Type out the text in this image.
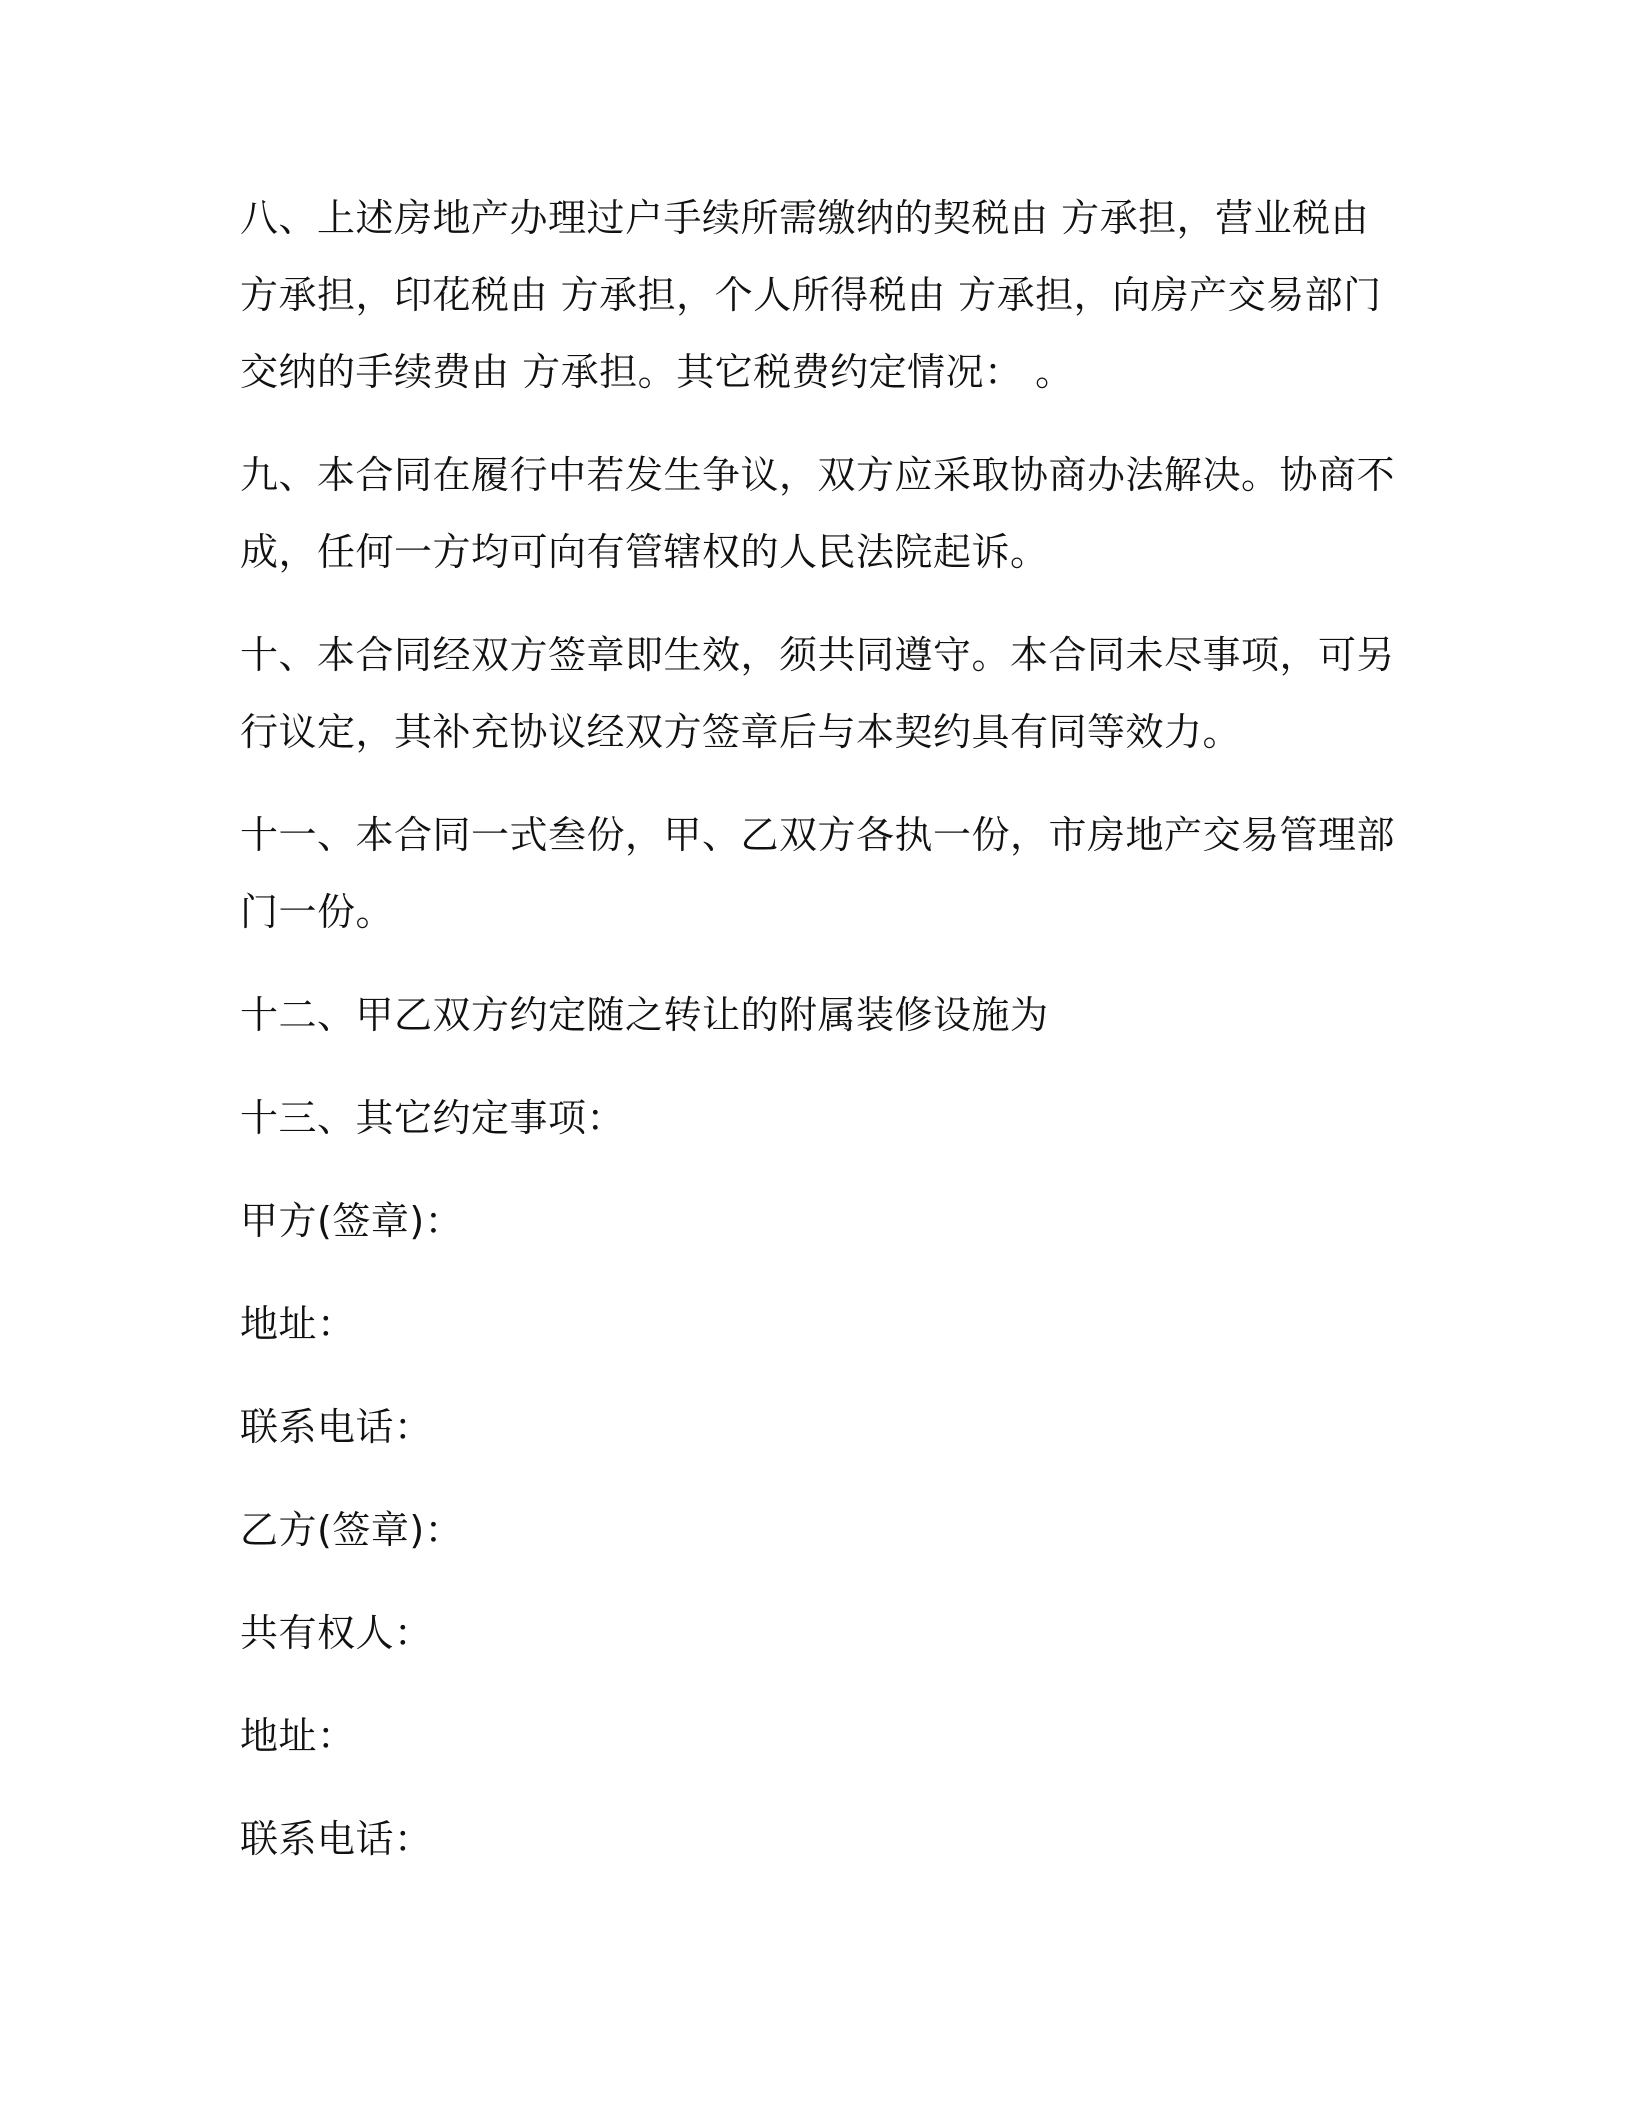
八、上述房地产办理过户手续所需缴纳的契税由 方承担，营业税由 方承担，印花税由 方承担，个人所得税由 方承担，向房产交易部门交纳的手续费由 方承担。其它税费约定情况： 。

九、本合同在履行中若发生争议，双方应采取协商办法解决。协商不成，任何一方均可向有管辖权的人民法院起诉。

十、本合同经双方签章即生效，须共同遵守。本合同未尽事项，可另行议定，其补充协议经双方签章后与本契约具有同等效力。

十一、本合同一式叁份，甲、乙双方各执一份，市房地产交易管理部门一份。

十二、甲乙双方约定随之转让的附属装修设施为

十三、其它约定事项：

甲方(签章)：

地址：

联系电话：

乙方(签章)：

共有权人：

地址：

联系电话：
